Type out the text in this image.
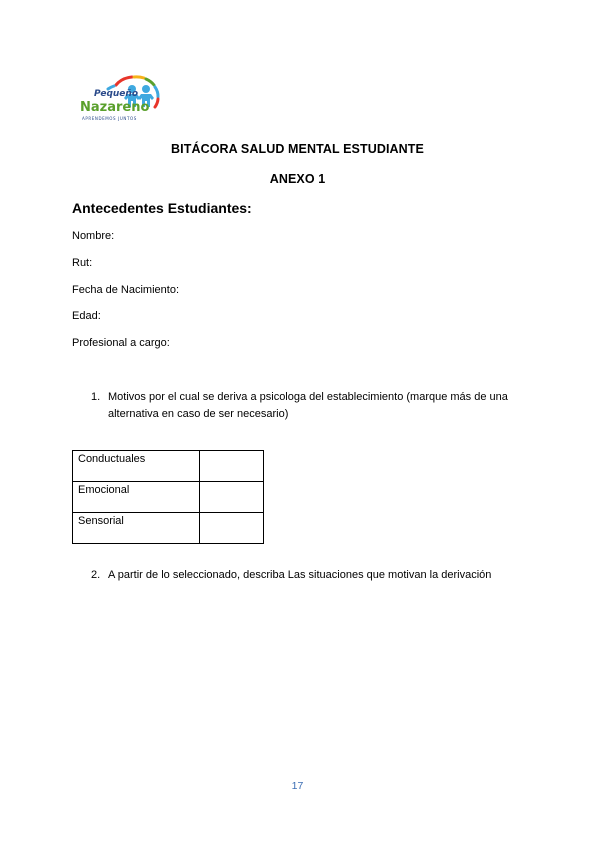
Pequeño
Nazareno
APRENDEMOS JUNTOS
BITÁCORA SALUD MENTAL ESTUDIANTE
ANEXO 1
Antecedentes Estudiantes:
Nombre:
Rut:
Fecha de Nacimiento:
Edad:
Profesional a cargo:
1. Motivos por el cual se deriva a psicologa del establecimiento (marque más de una alternativa en caso de ser necesario)
Conductuales	
Emocional	
Sensorial	
2. A partir de lo seleccionado, describa Las situaciones que motivan la derivación
17
